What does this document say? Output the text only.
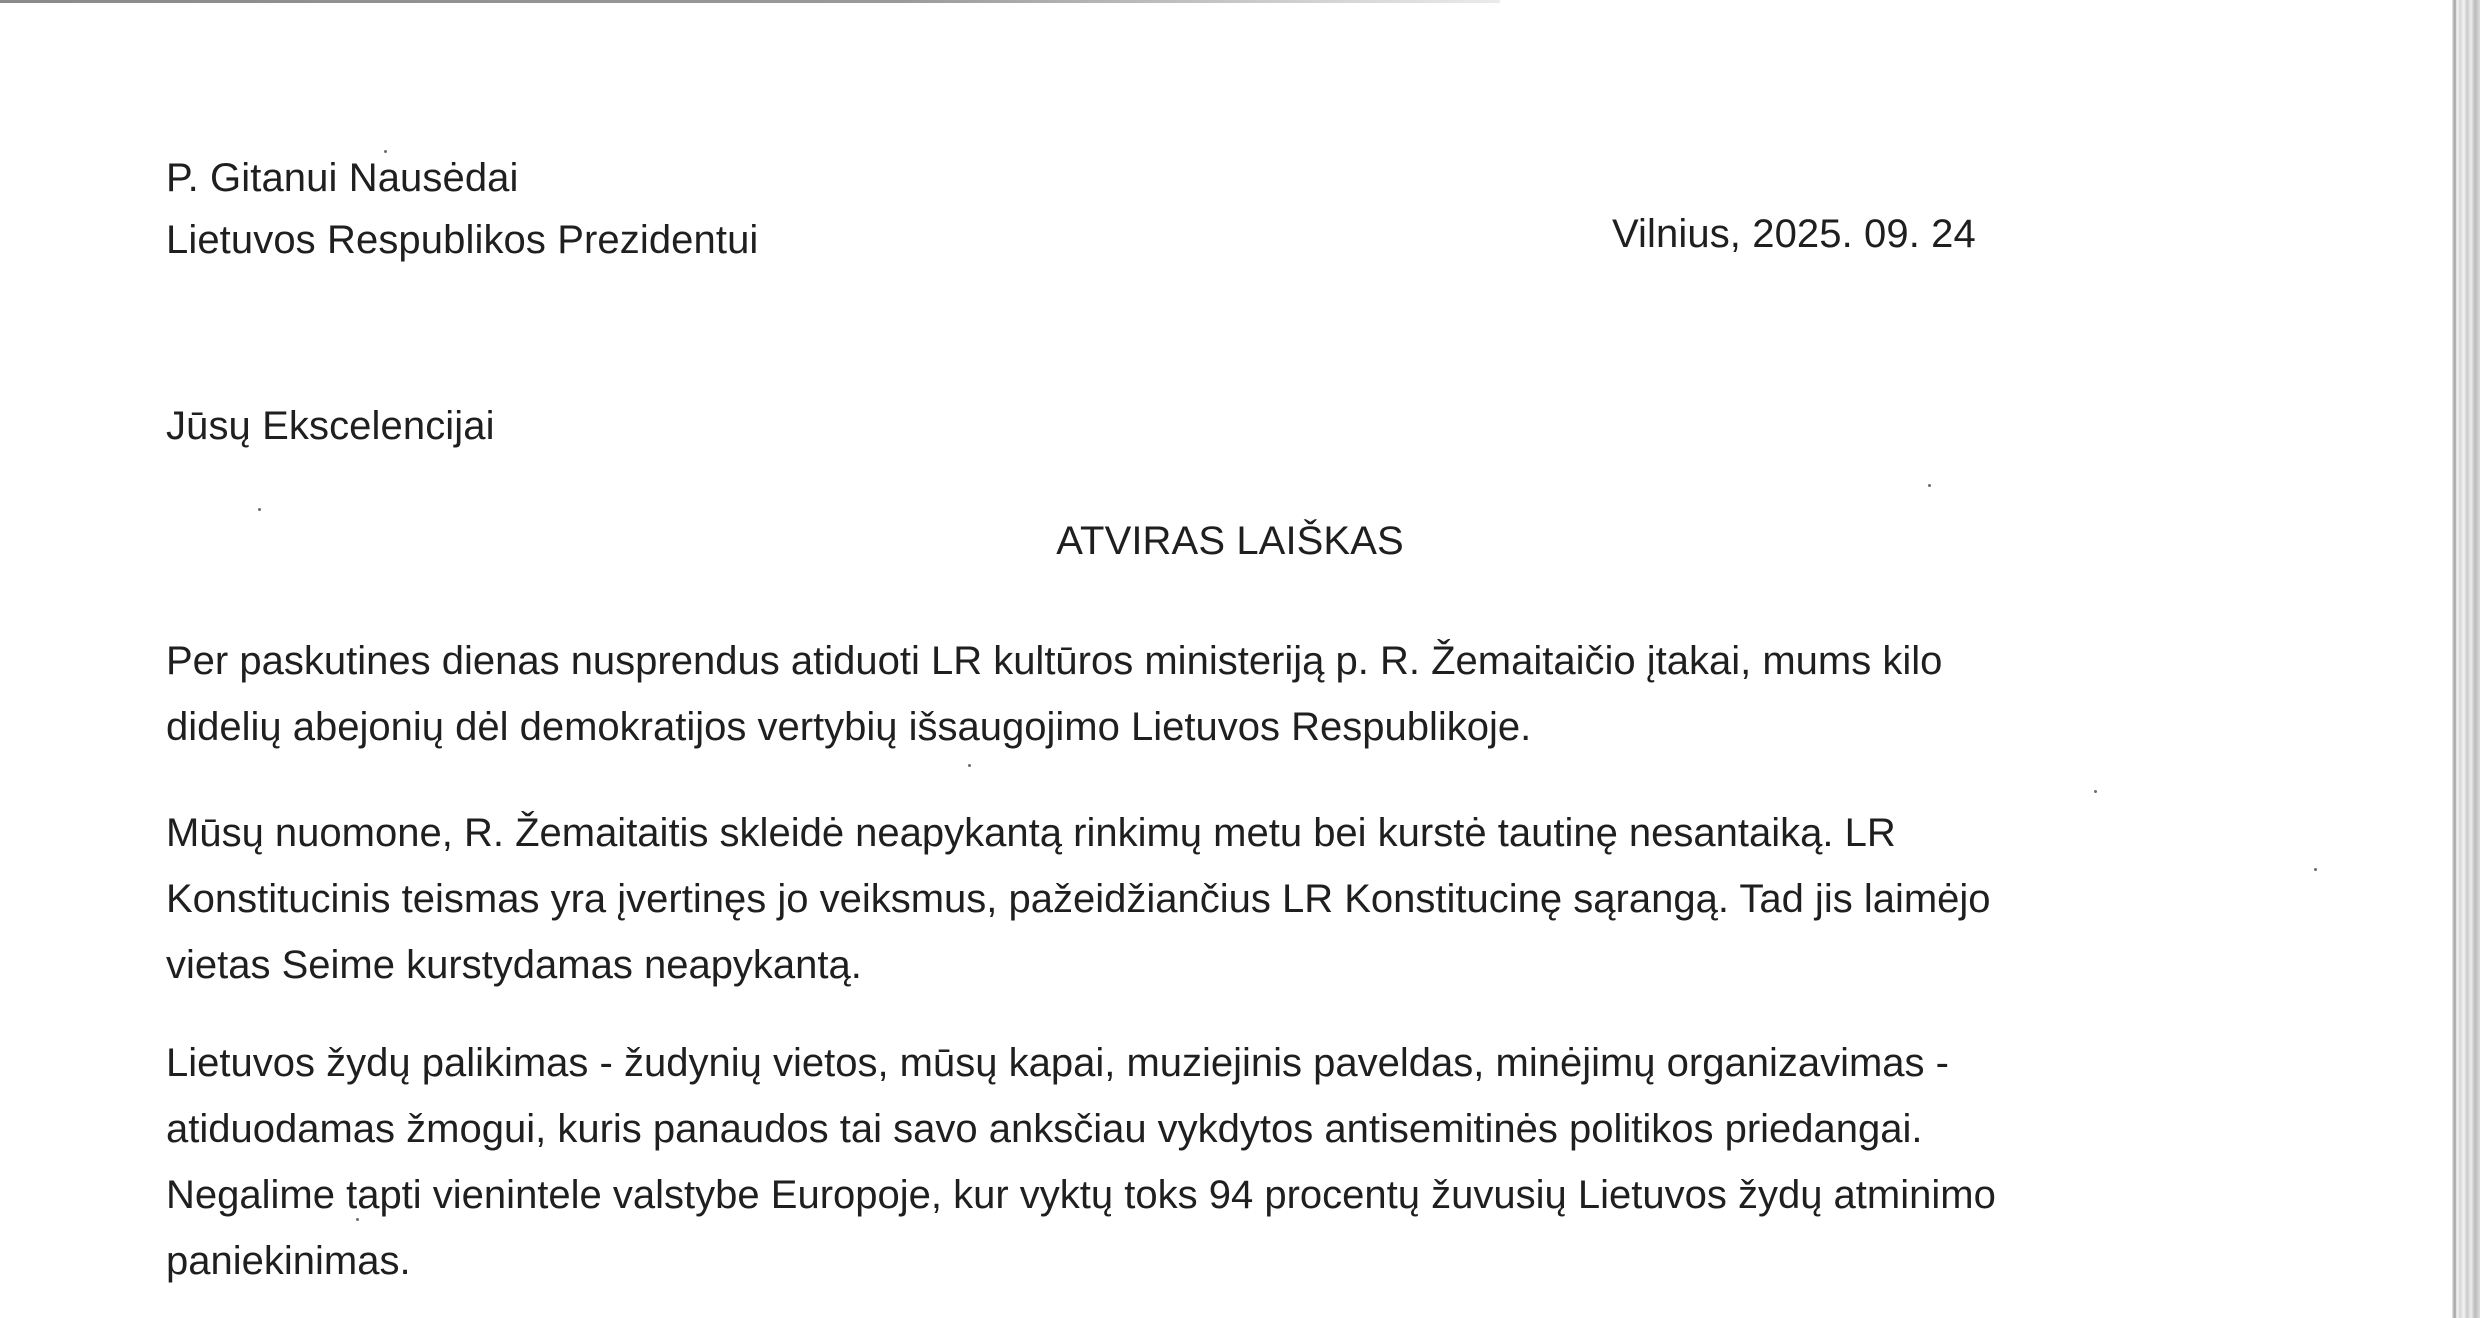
P. Gitanui Nausėdai
Lietuvos Respublikos Prezidentui	Vilnius, 2025. 09. 24
Jūsų Ekscelencijai
ATVIRAS LAIŠKAS
Per paskutines dienas nusprendus atiduoti LR kultūros ministeriją p. R. Žemaitaičio įtakai, mums kilo
didelių abejonių dėl demokratijos vertybių išsaugojimo Lietuvos Respublikoje.
Mūsų nuomone, R. Žemaitaitis skleidė neapykantą rinkimų metu bei kurstė tautinę nesantaiką. LR
Konstitucinis teismas yra įvertinęs jo veiksmus, pažeidžiančius LR Konstitucinę sąrangą. Tad jis laimėjo
vietas Seime kurstydamas neapykantą.
Lietuvos žydų palikimas - žudynių vietos, mūsų kapai, muziejinis paveldas, minėjimų organizavimas -
atiduodamas žmogui, kuris panaudos tai savo anksčiau vykdytos antisemitinės politikos priedangai.
Negalime tapti vienintele valstybe Europoje, kur vyktų toks 94 procentų žuvusių Lietuvos žydų atminimo
paniekinimas.
